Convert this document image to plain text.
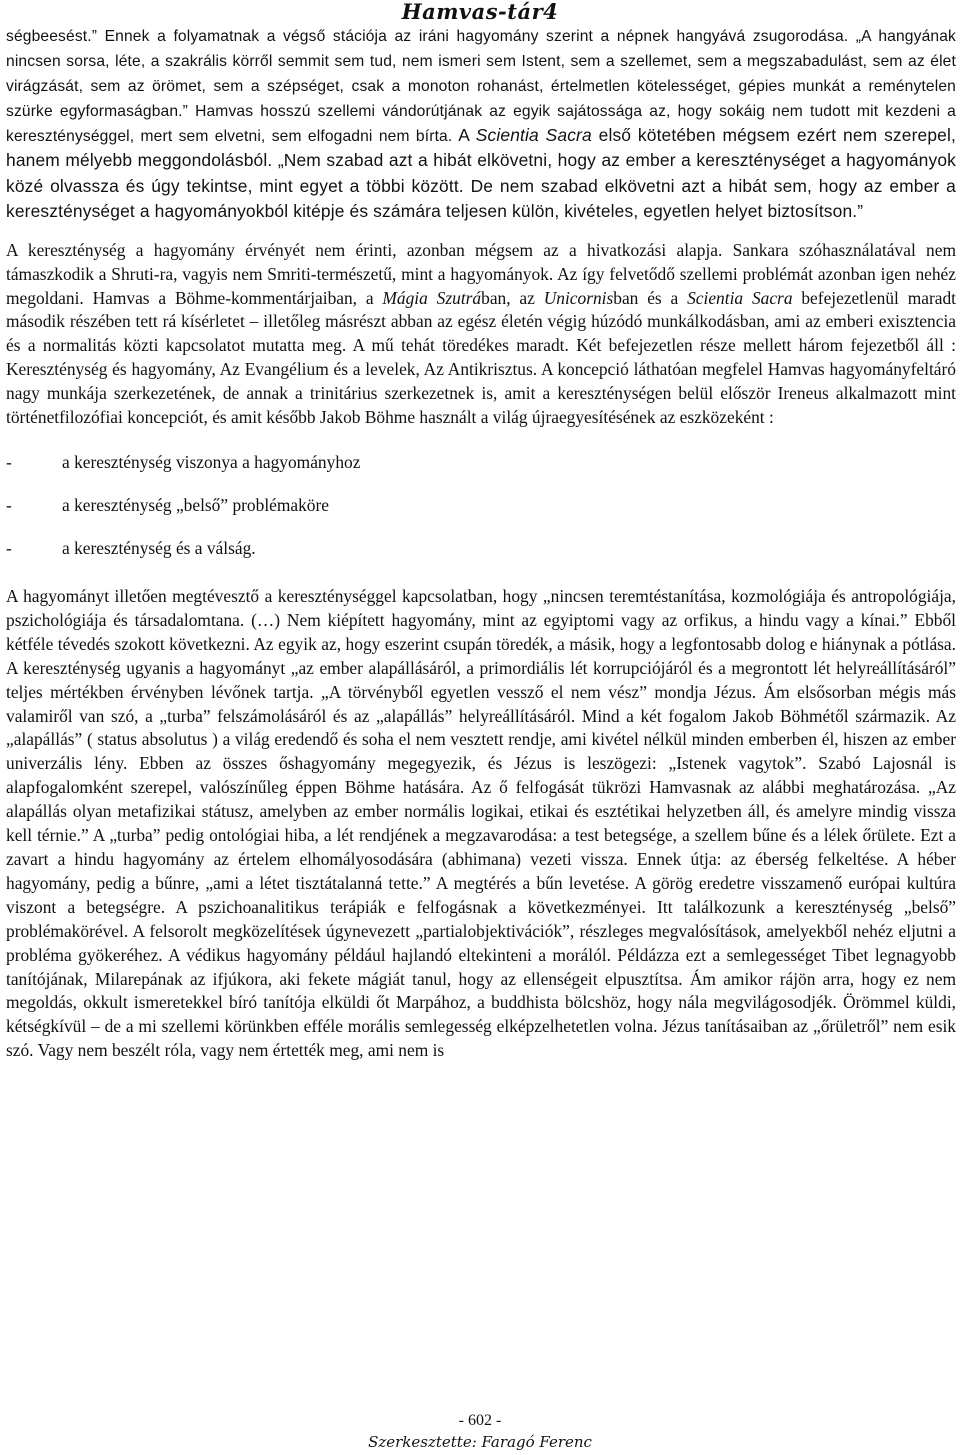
Hamvas-tár4

ségbeesést.” Ennek a folyamatnak a végső stációja az iráni hagyomány szerint a népnek hangyává zsugorodása. „A hangyának nincsen sorsa, léte, a szakrális körről semmit sem tud, nem ismeri sem Istent, sem a szellemet, sem a megszabadulást, sem az élet virágzását, sem az örömet, sem a szépséget, csak a monoton rohanást, értelmetlen kötelességet, gépies munkát a reménytelen szürke egyformaságban.” Hamvas hosszú szellemi vándorútjának az egyik sajátossága az, hogy sokáig nem tudott mit kezdeni a kereszténységgel, mert sem elvetni, sem elfogadni nem bírta. A Scientia Sacra első kötetében mégsem ezért nem szerepel, hanem mélyebb meggondolásból. „Nem szabad azt a hibát elkövetni, hogy az ember a kereszténységet a hagyományok közé olvassza és úgy tekintse, mint egyet a többi között. De nem szabad elkövetni azt a hibát sem, hogy az ember a kereszténységet a hagyományokból kitépje és számára teljesen külön, kivételes, egyetlen helyet biztosítson.”

A kereszténység a hagyomány érvényét nem érinti, azonban mégsem az a hivatkozási alapja. Sankara szóhasználatával nem támaszkodik a Shruti-ra, vagyis nem Smriti-természetű, mint a hagyományok. Az így felvetődő szellemi problémát azonban igen nehéz megoldani. Hamvas a Böhme-kommentárjaiban, a Mágia Szutrában, az Unicornisban és a Scientia Sacra befejezetlenül maradt második részében tett rá kísérletet – illetőleg másrészt abban az egész életén végig húzódó munkálkodásban, ami az emberi exisztencia és a normalitás közti kapcsolatot mutatta meg. A mű tehát töredékes maradt. Két befejezetlen része mellett három fejezetből áll : Kereszténység és hagyomány, Az Evangélium és a levelek, Az Antikrisztus. A koncepció láthatóan megfelel Hamvas hagyományfeltáró nagy munkája szerkezetének, de annak a trinitárius szerkezetnek is, amit a kereszténységen belül először Ireneus alkalmazott mint történetfilozófiai koncepciót, és amit később Jakob Böhme használt a világ újraegyesítésének az eszközeként :

-	a kereszténység viszonya a hagyományhoz
-	a kereszténység „belső” problémaköre
-	a kereszténység és a válság.

A hagyományt illetően megtévesztő a kereszténységgel kapcsolatban, hogy „nincsen teremtéstanítása, kozmológiája és antropológiája, pszichológiája és társadalomtana. (…) Nem kiépített hagyomány, mint az egyiptomi vagy az orfikus, a hindu vagy a kínai.” Ebből kétféle tévedés szokott következni. Az egyik az, hogy eszerint csupán töredék, a másik, hogy a legfontosabb dolog e hiánynak a pótlása. A kereszténység ugyanis a hagyományt „az ember alapállásáról, a primordiális lét korrupciójáról és a megrontott lét helyreállításáról” teljes mértékben érvényben lévőnek tartja. „A törvényből egyetlen vessző el nem vész” mondja Jézus. Ám elsősorban mégis más valamiről van szó, a „turba” felszámolásáról és az „alapállás” helyreállításáról. Mind a két fogalom Jakob Böhmétől származik. Az „alapállás” ( status absolutus ) a világ eredendő és soha el nem vesztett rendje, ami kivétel nélkül minden emberben él, hiszen az ember univerzális lény. Ebben az összes őshagyomány megegyezik, és Jézus is leszögezi: „Istenek vagytok”. Szabó Lajosnál is alapfogalomként szerepel, valószínűleg éppen Böhme hatására. Az ő felfogását tükrözi Hamvasnak az alábbi meghatározása. „Az alapállás olyan metafizikai státusz, amelyben az ember normális logikai, etikai és esztétikai helyzetben áll, és amelyre mindig vissza kell térnie.” A „turba” pedig ontológiai hiba, a lét rendjének a megzavarodása: a test betegsége, a szellem bűne és a lélek őrülete. Ezt a zavart a hindu hagyomány az értelem elhomályosodására (abhimana) vezeti vissza. Ennek útja: az éberség felkeltése. A héber hagyomány, pedig a bűnre, „ami a létet tisztátalanná tette.” A megtérés a bűn levetése. A görög eredetre visszamenő európai kultúra viszont a betegségre. A pszichoanalitikus terápiák e felfogásnak a következményei. Itt találkozunk a kereszténység „belső” problémakörével. A felsorolt megközelítések úgynevezett „partialobjektivációk”, részleges megvalósítások, amelyekből nehéz eljutni a probléma gyökeréhez. A védikus hagyomány például hajlandó eltekinteni a morálól. Példázza ezt a semlegességet Tibet legnagyobb tanítójának, Milarepának az ifjúkora, aki fekete mágiát tanul, hogy az ellenségeit elpusztítsa. Ám amikor rájön arra, hogy ez nem megoldás, okkult ismeretekkel bíró tanítója elküldi őt Marpához, a buddhista bölcshöz, hogy nála megvilágosodjék. Örömmel küldi, kétségkívül – de a mi szellemi körünkben efféle morális semlegesség elképzelhetetlen volna. Jézus tanításaiban az „őrületről” nem esik szó. Vagy nem beszélt róla, vagy nem értették meg, ami nem is

- 602 -
Szerkesztette: Faragó Ferenc
